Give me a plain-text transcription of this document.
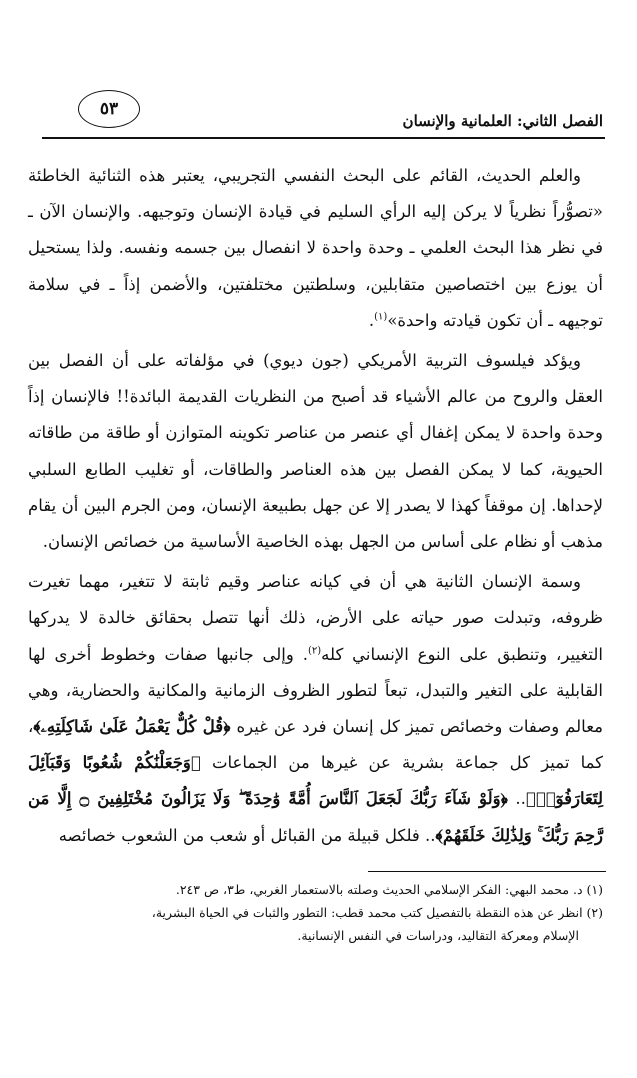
٥٣
الفصل الثاني: العلمانية والإنسان

والعلم الحديث، القائم على البحث النفسي التجريبي، يعتبر هذه الثنائية الخاطئة «تصوُّراً نظرياً لا يركن إليه الرأي السليم في قيادة الإنسان وتوجيهه. والإنسان الآن ـ في نظر هذا البحث العلمي ـ وحدة واحدة لا انفصال بين جسمه ونفسه. ولذا يستحيل أن يوزع بين اختصاصين متقابلين، وسلطتين مختلفتين، والأضمن إذاً ـ في سلامة توجيهه ـ أن تكون قيادته واحدة»$^{(١)}$.

ويؤكد فيلسوف التربية الأمريكي (جون ديوي) في مؤلفاته على أن الفصل بين العقل والروح من عالم الأشياء قد أصبح من النظريات القديمة البائدة!! فالإنسان إذاً وحدة واحدة لا يمكن إغفال أي عنصر من عناصر تكوينه المتوازن أو طاقة من طاقاته الحيوية، كما لا يمكن الفصل بين هذه العناصر والطاقات، أو تغليب الطابع السلبي لإحداها. إن موقفاً كهذا لا يصدر إلا عن جهل بطبيعة الإنسان، ومن الجرم البين أن يقام مذهب أو نظام على أساس من الجهل بهذه الخاصية الأساسية من خصائص الإنسان.

وسمة الإنسان الثانية هي أن في كيانه عناصر وقيم ثابتة لا تتغير، مهما تغيرت ظروفه، وتبدلت صور حياته على الأرض، ذلك أنها تتصل بحقائق خالدة لا يدركها التغيير، وتنطبق على النوع الإنساني كله$^{(٢)}$. وإلى جانبها صفات وخطوط أخرى لها القابلية على التغير والتبدل، تبعاً لتطور الظروف الزمانية والمكانية والحضارية، وهي معالم وصفات وخصائص تميز كل إنسان فرد عن غيره ﴿قُلْ كُلٌّ يَعْمَلُ عَلَىٰ شَاكِلَتِهِۦ﴾، كما تميز كل جماعة بشرية عن غيرها من الجماعات ﴿وَجَعَلْنَٰكُمْ شُعُوبًا وَقَبَآئِلَ لِتَعَارَفُوٓا۟﴾.. ﴿وَلَوْ شَآءَ رَبُّكَ لَجَعَلَ ٱلنَّاسَ أُمَّةً وَٰحِدَةً ۖ وَلَا يَزَالُونَ مُخْتَلِفِينَ ۝ إِلَّا مَن رَّحِمَ رَبُّكَ ۚ وَلِذَٰلِكَ خَلَقَهُمْ﴾.. فلكل قبيلة من القبائل أو شعب من الشعوب خصائصه

(١) د. محمد البهي: الفكر الإسلامي الحديث وصلته بالاستعمار الغربي، ط٣، ص ٢٤٣.

(٢) انظر عن هذه النقطة بالتفصيل كتب محمد قطب: التطور والثبات في الحياة البشرية،

الإسلام ومعركة التقاليد، ودراسات في النفس الإنسانية.
